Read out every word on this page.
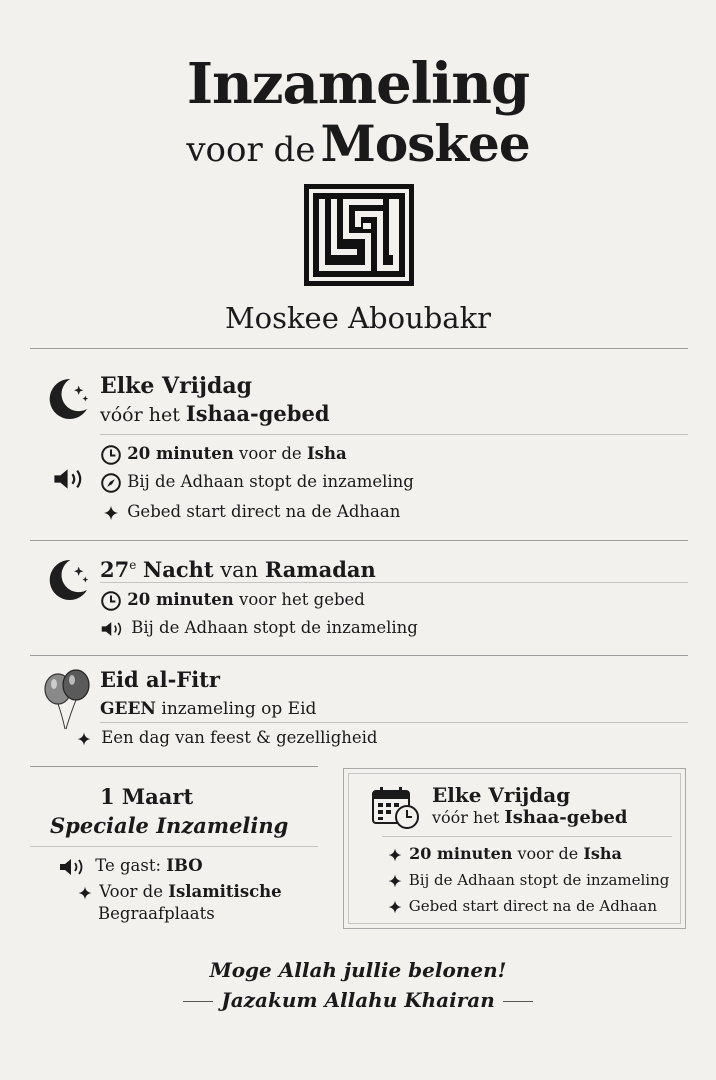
Inzameling
voor de Moskee
Moskee Aboubakr
Elke Vrijdag
vóór het Ishaa-gebed
20 minuten voor de Isha
Bij de Adhaan stopt de inzameling
Gebed start direct na de Adhaan
27e Nacht van Ramadan
20 minuten voor het gebed
Bij de Adhaan stopt de inzameling
Eid al-Fitr
GEEN inzameling op Eid
Een dag van feest & gezelligheid
1 Maart
Speciale Inzameling
Te gast: IBO
Voor de Islamitische
Begraafplaats
Elke Vrijdag
vóór het Ishaa-gebed
20 minuten voor de Isha
Bij de Adhaan stopt de inzameling
Gebed start direct na de Adhaan
Moge Allah jullie belonen!
Jazakum Allahu Khairan
